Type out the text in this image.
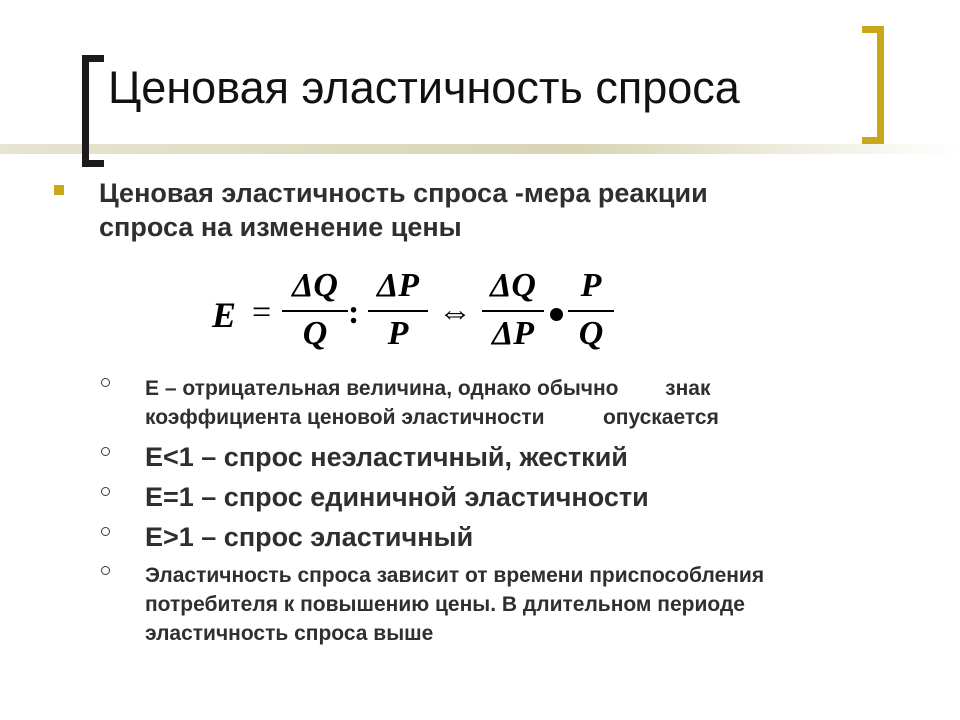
Ценовая эластичность спроса
Ценовая эластичность спроса -мера реакции
спроса на изменение цены
E =
ΔQ
Q
:
ΔP
P
⇔
ΔQ
ΔP
P
Q
Е – отрицательная величина, однако обычно        знак
коэффициента ценовой эластичности          опускается
E<1 – спрос неэластичный, жесткий
E=1 – спрос единичной эластичности
E>1 – спрос эластичный
Эластичность спроса зависит от времени приспособления
потребителя к повышению цены. В длительном периоде
эластичность спроса выше
